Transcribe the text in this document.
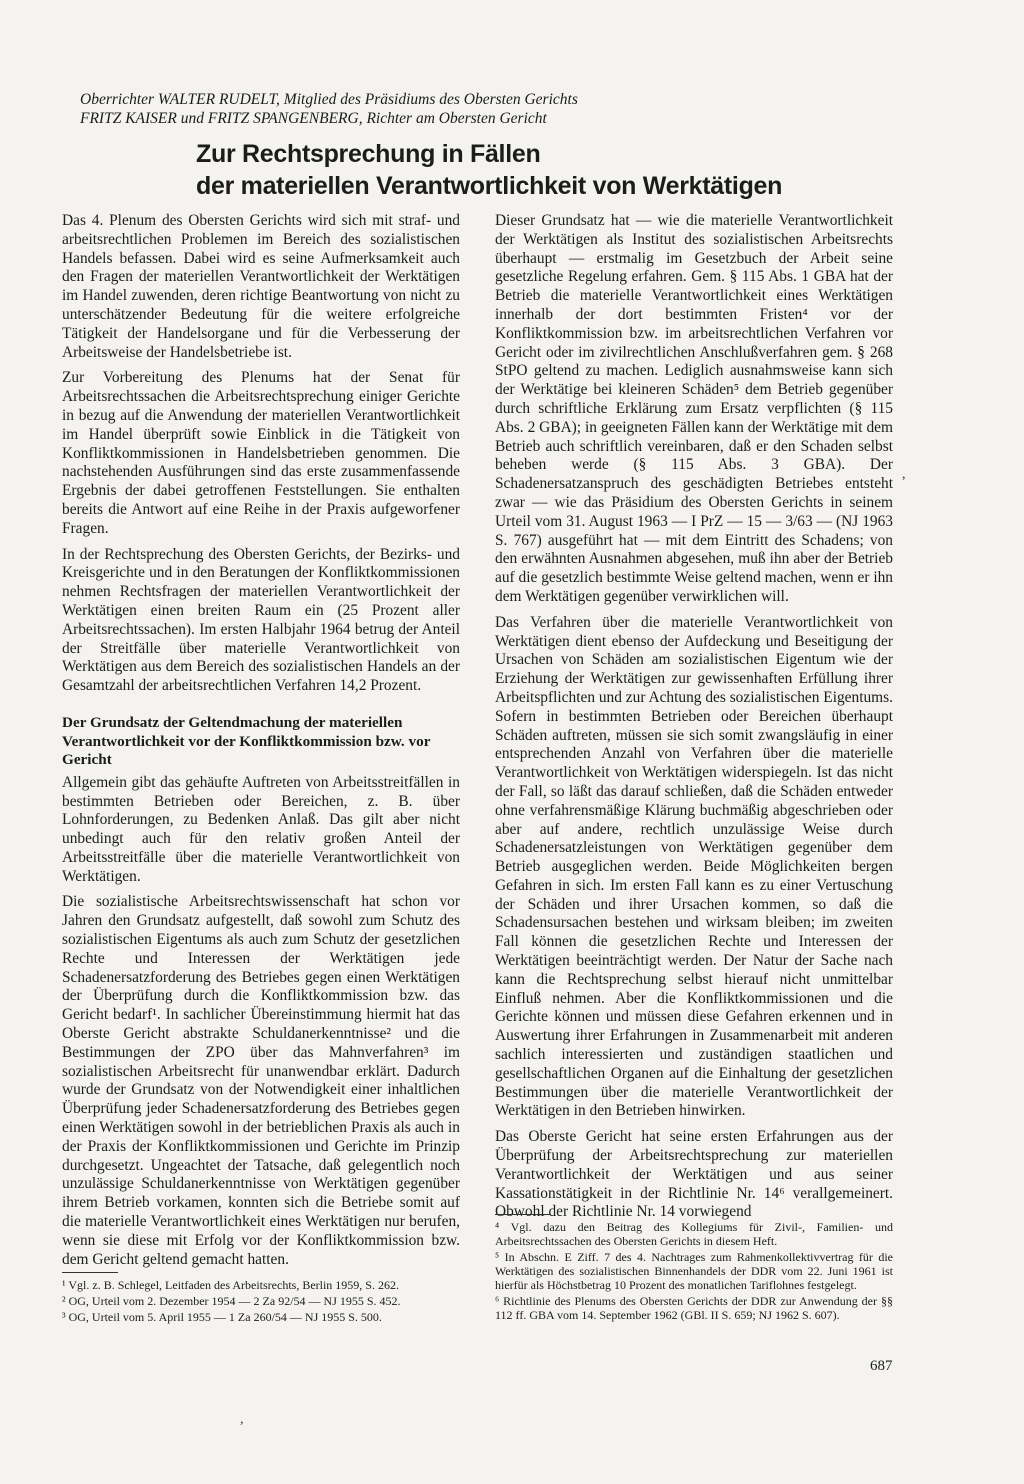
Oberrichter WALTER RUDELT, Mitglied des Präsidiums des Obersten Gerichts
FRITZ KAISER und FRITZ SPANGENBERG, Richter am Obersten Gericht
Zur Rechtsprechung in Fällen
der materiellen Verantwortlichkeit von Werktätigen

Das 4. Plenum des Obersten Gerichts wird sich mit straf- und arbeitsrechtlichen Problemen im Bereich des sozialistischen Handels befassen. Dabei wird es seine Aufmerksamkeit auch den Fragen der materiellen Verantwortlichkeit der Werktätigen im Handel zuwenden, deren richtige Beantwortung von nicht zu unterschätzender Bedeutung für die weitere erfolgreiche Tätigkeit der Handelsorgane und für die Verbesserung der Arbeitsweise der Handelsbetriebe ist.

Zur Vorbereitung des Plenums hat der Senat für Arbeitsrechtssachen die Arbeitsrechtsprechung einiger Gerichte in bezug auf die Anwendung der materiellen Verantwortlichkeit im Handel überprüft sowie Einblick in die Tätigkeit von Konfliktkommissionen in Handelsbetrieben genommen. Die nachstehenden Ausführungen sind das erste zusammenfassende Ergebnis der dabei getroffenen Feststellungen. Sie enthalten bereits die Antwort auf eine Reihe in der Praxis aufgeworfener Fragen.

In der Rechtsprechung des Obersten Gerichts, der Bezirks- und Kreisgerichte und in den Beratungen der Konfliktkommissionen nehmen Rechtsfragen der materiellen Verantwortlichkeit der Werktätigen einen breiten Raum ein (25 Prozent aller Arbeitsrechtssachen). Im ersten Halbjahr 1964 betrug der Anteil der Streitfälle über materielle Verantwortlichkeit von Werktätigen aus dem Bereich des sozialistischen Handels an der Gesamtzahl der arbeitsrechtlichen Verfahren 14,2 Prozent.

Der Grundsatz der Geltendmachung der materiellen Verantwortlichkeit vor der Konfliktkommission bzw. vor Gericht

Allgemein gibt das gehäufte Auftreten von Arbeitsstreitfällen in bestimmten Betrieben oder Bereichen, z. B. über Lohnforderungen, zu Bedenken Anlaß. Das gilt aber nicht unbedingt auch für den relativ großen Anteil der Arbeitsstreitfälle über die materielle Verantwortlichkeit von Werktätigen.

Die sozialistische Arbeitsrechtswissenschaft hat schon vor Jahren den Grundsatz aufgestellt, daß sowohl zum Schutz des sozialistischen Eigentums als auch zum Schutz der gesetzlichen Rechte und Interessen der Werktätigen jede Schadenersatzforderung des Betriebes gegen einen Werktätigen der Überprüfung durch die Konfliktkommission bzw. das Gericht bedarf¹. In sachlicher Übereinstimmung hiermit hat das Oberste Gericht abstrakte Schuldanerkenntnisse² und die Bestimmungen der ZPO über das Mahnverfahren³ im sozialistischen Arbeitsrecht für unanwendbar erklärt. Dadurch wurde der Grundsatz von der Notwendigkeit einer inhaltlichen Überprüfung jeder Schadenersatzforderung des Betriebes gegen einen Werktätigen sowohl in der betrieblichen Praxis als auch in der Praxis der Konfliktkommissionen und Gerichte im Prinzip durchgesetzt. Ungeachtet der Tatsache, daß gelegentlich noch unzulässige Schuldanerkenntnisse von Werktätigen gegenüber ihrem Betrieb vorkamen, konnten sich die Betriebe somit auf die materielle Verantwortlichkeit eines Werktätigen nur berufen, wenn sie diese mit Erfolg vor der Konfliktkommission bzw. dem Gericht geltend gemacht hatten.

Dieser Grundsatz hat — wie die materielle Verantwortlichkeit der Werktätigen als Institut des sozialistischen Arbeitsrechts überhaupt — erstmalig im Gesetzbuch der Arbeit seine gesetzliche Regelung erfahren. Gem. § 115 Abs. 1 GBA hat der Betrieb die materielle Verantwortlichkeit eines Werktätigen innerhalb der dort bestimmten Fristen⁴ vor der Konfliktkommission bzw. im arbeitsrechtlichen Verfahren vor Gericht oder im zivilrechtlichen Anschlußverfahren gem. § 268 StPO geltend zu machen. Lediglich ausnahmsweise kann sich der Werktätige bei kleineren Schäden⁵ dem Betrieb gegenüber durch schriftliche Erklärung zum Ersatz verpflichten (§ 115 Abs. 2 GBA); in geeigneten Fällen kann der Werktätige mit dem Betrieb auch schriftlich vereinbaren, daß er den Schaden selbst beheben werde (§ 115 Abs. 3 GBA). Der Schadenersatzanspruch des geschädigten Betriebes entsteht zwar — wie das Präsidium des Obersten Gerichts in seinem Urteil vom 31. August 1963 — I PrZ — 15 — 3/63 — (NJ 1963 S. 767) ausgeführt hat — mit dem Eintritt des Schadens; von den erwähnten Ausnahmen abgesehen, muß ihn aber der Betrieb auf die gesetzlich bestimmte Weise geltend machen, wenn er ihn dem Werktätigen gegenüber verwirklichen will.

Das Verfahren über die materielle Verantwortlichkeit von Werktätigen dient ebenso der Aufdeckung und Beseitigung der Ursachen von Schäden am sozialistischen Eigentum wie der Erziehung der Werktätigen zur gewissenhaften Erfüllung ihrer Arbeitspflichten und zur Achtung des sozialistischen Eigentums. Sofern in bestimmten Betrieben oder Bereichen überhaupt Schäden auftreten, müssen sie sich somit zwangsläufig in einer entsprechenden Anzahl von Verfahren über die materielle Verantwortlichkeit von Werktätigen widerspiegeln. Ist das nicht der Fall, so läßt das darauf schließen, daß die Schäden entweder ohne verfahrensmäßige Klärung buchmäßig abgeschrieben oder aber auf andere, rechtlich unzulässige Weise durch Schadenersatzleistungen von Werktätigen gegenüber dem Betrieb ausgeglichen werden. Beide Möglichkeiten bergen Gefahren in sich. Im ersten Fall kann es zu einer Vertuschung der Schäden und ihrer Ursachen kommen, so daß die Schadensursachen bestehen und wirksam bleiben; im zweiten Fall können die gesetzlichen Rechte und Interessen der Werktätigen beeinträchtigt werden. Der Natur der Sache nach kann die Rechtsprechung selbst hierauf nicht unmittelbar Einfluß nehmen. Aber die Konfliktkommissionen und die Gerichte können und müssen diese Gefahren erkennen und in Auswertung ihrer Erfahrungen in Zusammenarbeit mit anderen sachlich interessierten und zuständigen staatlichen und gesellschaftlichen Organen auf die Einhaltung der gesetzlichen Bestimmungen über die materielle Verantwortlichkeit der Werktätigen in den Betrieben hinwirken.

Das Oberste Gericht hat seine ersten Erfahrungen aus der Überprüfung der Arbeitsrechtsprechung zur materiellen Verantwortlichkeit der Werktätigen und aus seiner Kassationstätigkeit in der Richtlinie Nr. 14⁶ verallgemeinert. Obwohl der Richtlinie Nr. 14 vorwiegend

¹ Vgl. z. B. Schlegel, Leitfaden des Arbeitsrechts, Berlin 1959, S. 262.
² OG, Urteil vom 2. Dezember 1954 — 2 Za 92/54 — NJ 1955 S. 452.
³ OG, Urteil vom 5. April 1955 — 1 Za 260/54 — NJ 1955 S. 500.
⁴ Vgl. dazu den Beitrag des Kollegiums für Zivil-, Familien- und Arbeitsrechtssachen des Obersten Gerichts in diesem Heft.
⁵ In Abschn. E Ziff. 7 des 4. Nachtrages zum Rahmenkollektivvertrag für die Werktätigen des sozialistischen Binnenhandels der DDR vom 22. Juni 1961 ist hierfür als Höchstbetrag 10 Prozent des monatlichen Tariflohnes festgelegt.
⁶ Richtlinie des Plenums des Obersten Gerichts der DDR zur Anwendung der §§ 112 ff. GBA vom 14. September 1962 (GBl. II S. 659; NJ 1962 S. 607).
687
,
,
